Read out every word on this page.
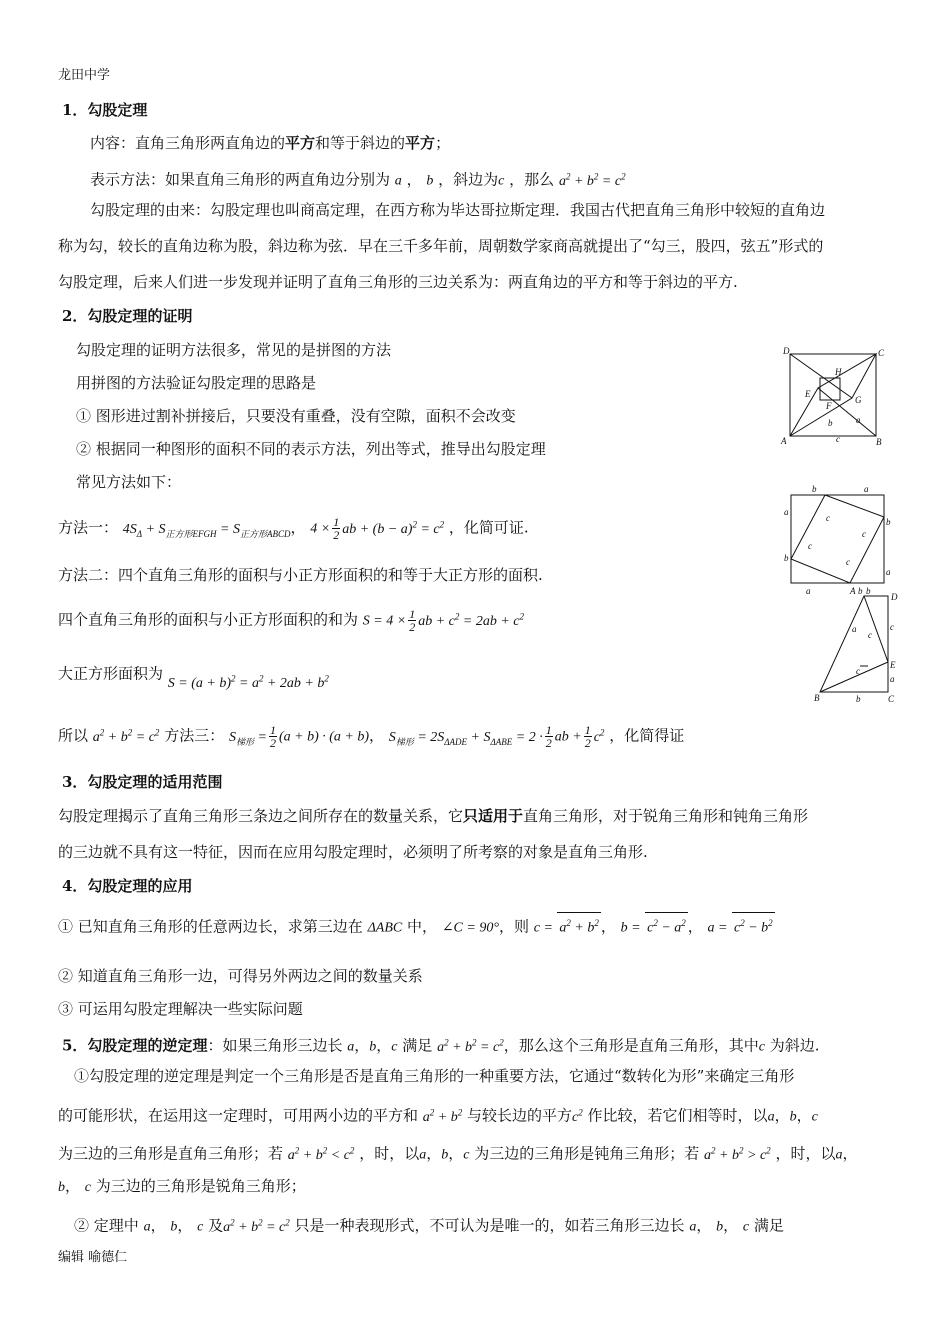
龙田中学
1．勾股定理
内容：直角三角形两直角边的平方和等于斜边的平方；
表示方法：如果直角三角形的两直角边分别为 a ， b ，斜边为c ，那么 $a^2 + b^2 = c^2$
勾股定理的由来：勾股定理也叫商高定理，在西方称为毕达哥拉斯定理．我国古代把直角三角形中较短的直角边
称为勾，较长的直角边称为股，斜边称为弦．早在三千多年前，周朝数学家商高就提出了“勾三，股四，弦五”形式的
勾股定理，后来人们进一步发现并证明了直角三角形的三边关系为：两直角边的平方和等于斜边的平方.
2．勾股定理的证明
勾股定理的证明方法很多，常见的是拼图的方法
用拼图的方法验证勾股定理的思路是
① 图形进过割补拼接后，只要没有重叠，没有空隙，面积不会改变
② 根据同一种图形的面积不同的表示方法，列出等式，推导出勾股定理
常见方法如下：
方法一： $4S_\Delta + S_{正方形EFGH} = S_{正方形ABCD}$， $4 \times \frac{1}{2}$ ab + $(b - a)^2 = c^2$ ，化简可证.
方法二：四个直角三角形的面积与小正方形面积的和等于大正方形的面积.
四个直角三角形的面积与小正方形面积的和为 $S = 4 \times \frac{1}{2}$ ab + $c^2 = 2ab + c^2$
大正方形面积为 $S = (a + b)^2 = a^2 + 2ab + b^2$
所以 $a^2 + b^2 = c^2$ 方法三： $S_{梯形} = \frac{1}{2} (a + b) \cdot (a + b)$， $S_{梯形} = 2S_{\Delta ADE} + S_{\Delta ABE} = 2 \cdot \frac{1}{2}$ ab + $\frac{1}{2} c^2$ ，化简得证
D	C
A	B
H
E
F
G
b	a
c
b	a
a
b
b
a
a	b
c
c
c
c
A b
D
c
E
a
c
a
c
B	b	C
3．勾股定理的适用范围
勾股定理揭示了直角三角形三条边之间所存在的数量关系，它只适用于直角三角形，对于锐角三角形和钝角三角形
的三边就不具有这一特征，因而在应用勾股定理时，必须明了所考察的对象是直角三角形.
4．勾股定理的应用
① 已知直角三角形的任意两边长，求第三边在 ΔABC 中， ∠C = 90°，则 $c = a^2 + b^2$ ， $b = c^2 - a^2$ ， $a = c^2 - b^2$
② 知道直角三角形一边，可得另外两边之间的数量关系
③ 可运用勾股定理解决一些实际问题
5．勾股定理的逆定理：如果三角形三边长 a，b，c 满足 $a^2 + b^2 = c^2$，那么这个三角形是直角三角形，其中c 为斜边.
①勾股定理的逆定理是判定一个三角形是否是直角三角形的一种重要方法，它通过“数转化为形”来确定三角形
的可能形状，在运用这一定理时，可用两小边的平方和 $a^2 + b^2$ 与较长边的平方$c^2$ 作比较，若它们相等时，以a，b，c
为三边的三角形是直角三角形；若 $a^2 + b^2 < c^2$ ，时，以a，b，c 为三边的三角形是钝角三角形；若 $a^2 + b^2 > c^2$ ，时，以a，
b， c 为三边的三角形是锐角三角形；
② 定理中 a， b， c 及$a^2 + b^2 = c^2$ 只是一种表现形式，不可认为是唯一的，如若三角形三边长 a， b， c 满足
编辑 喻德仁
